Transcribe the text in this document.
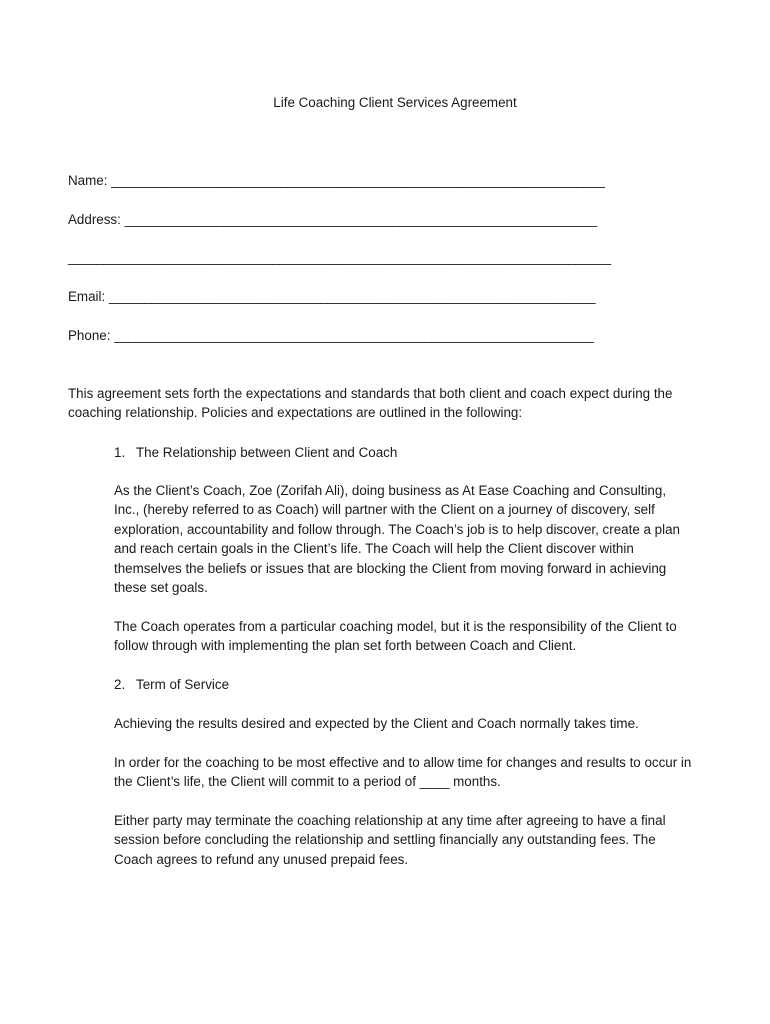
Life Coaching Client Services Agreement
Name: ______________________________________________________________________
Address: ___________________________________________________________________
_____________________________________________________________________________
Email: _____________________________________________________________________
Phone: ____________________________________________________________________
This agreement sets forth the expectations and standards that both client and coach expect during the coaching relationship. Policies and expectations are outlined in the following:
1. The Relationship between Client and Coach

As the Client’s Coach, Zoe (Zorifah Ali), doing business as At Ease Coaching and Consulting, Inc., (hereby referred to as Coach) will partner with the Client on a journey of discovery, self exploration, accountability and follow through. The Coach’s job is to help discover, create a plan and reach certain goals in the Client’s life. The Coach will help the Client discover within themselves the beliefs or issues that are blocking the Client from moving forward in achieving these set goals.

The Coach operates from a particular coaching model, but it is the responsibility of the Client to follow through with implementing the plan set forth between Coach and Client.

2. Term of Service

Achieving the results desired and expected by the Client and Coach normally takes time.

In order for the coaching to be most effective and to allow time for changes and results to occur in the Client’s life, the Client will commit to a period of ____ months.

Either party may terminate the coaching relationship at any time after agreeing to have a final session before concluding the relationship and settling financially any outstanding fees. The Coach agrees to refund any unused prepaid fees.
